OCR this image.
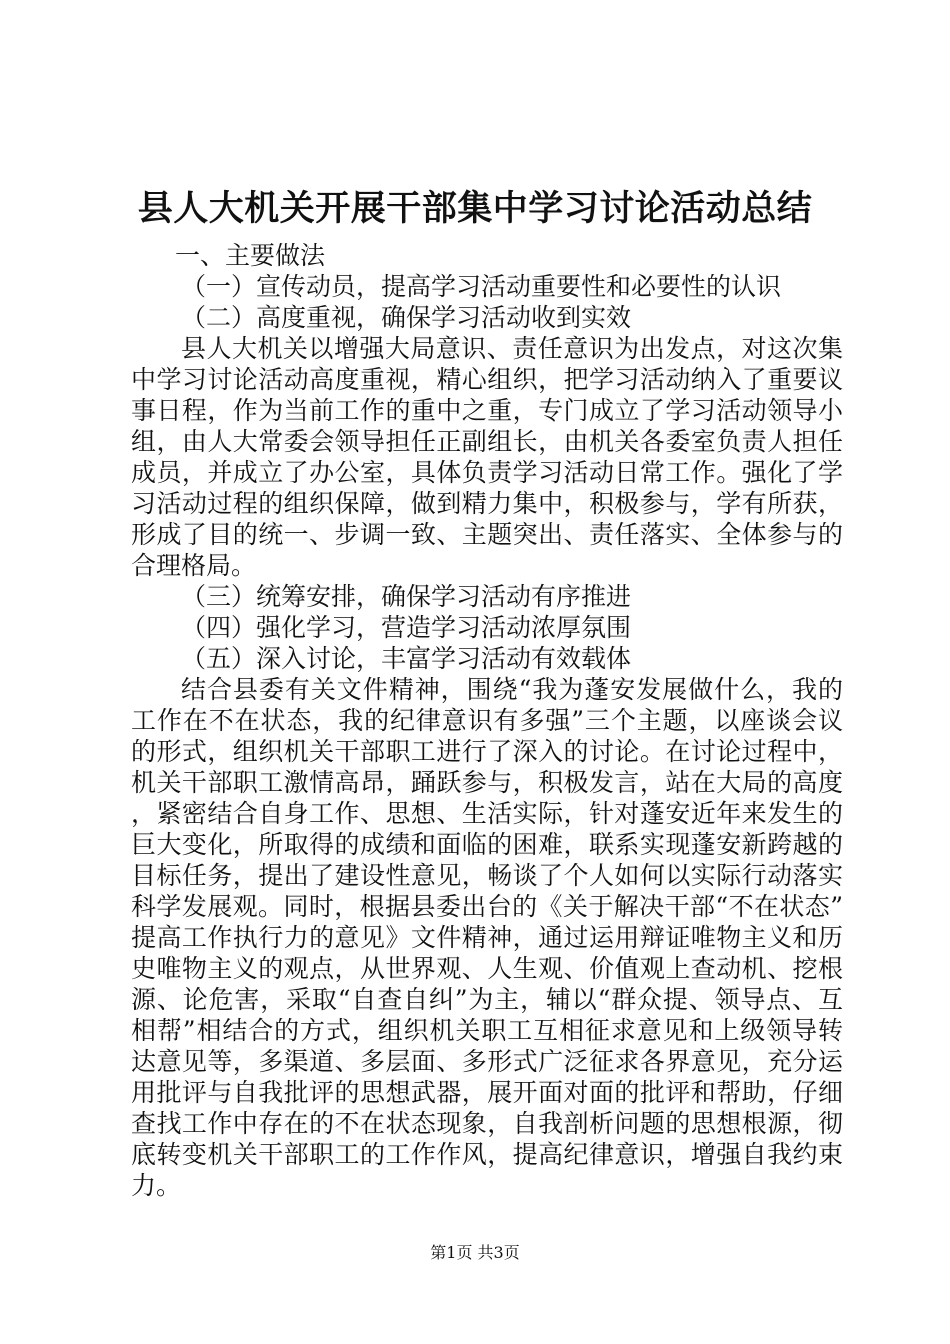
县人大机关开展干部集中学习讨论活动总结

一、主要做法

（一）宣传动员，提高学习活动重要性和必要性的认识

（二）高度重视，确保学习活动收到实效

县人大机关以增强大局意识、责任意识为出发点，对这次集中学习讨论活动高度重视，精心组织，把学习活动纳入了重要议事日程，作为当前工作的重中之重，专门成立了学习活动领导小组，由人大常委会领导担任正副组长，由机关各委室负责人担任成员，并成立了办公室，具体负责学习活动日常工作。强化了学习活动过程的组织保障，做到精力集中，积极参与，学有所获，形成了目的统一、步调一致、主题突出、责任落实、全体参与的合理格局。

（三）统筹安排，确保学习活动有序推进

（四）强化学习，营造学习活动浓厚氛围

（五）深入讨论，丰富学习活动有效载体

结合县委有关文件精神，围绕“我为蓬安发展做什么，我的工作在不在状态，我的纪律意识有多强”三个主题，以座谈会议的形式，组织机关干部职工进行了深入的讨论。在讨论过程中，机关干部职工激情高昂，踊跃参与，积极发言，站在大局的高度，紧密结合自身工作、思想、生活实际，针对蓬安近年来发生的巨大变化，所取得的成绩和面临的困难，联系实现蓬安新跨越的目标任务，提出了建设性意见，畅谈了个人如何以实际行动落实科学发展观。同时，根据县委出台的《关于解决干部“不在状态”提高工作执行力的意见》文件精神，通过运用辩证唯物主义和历史唯物主义的观点，从世界观、人生观、价值观上查动机、挖根源、论危害，采取“自查自纠”为主，辅以“群众提、领导点、互相帮”相结合的方式，组织机关职工互相征求意见和上级领导转达意见等，多渠道、多层面、多形式广泛征求各界意见，充分运用批评与自我批评的思想武器，展开面对面的批评和帮助，仔细查找工作中存在的不在状态现象，自我剖析问题的思想根源，彻底转变机关干部职工的工作作风，提高纪律意识，增强自我约束力。

第1页 共3页
